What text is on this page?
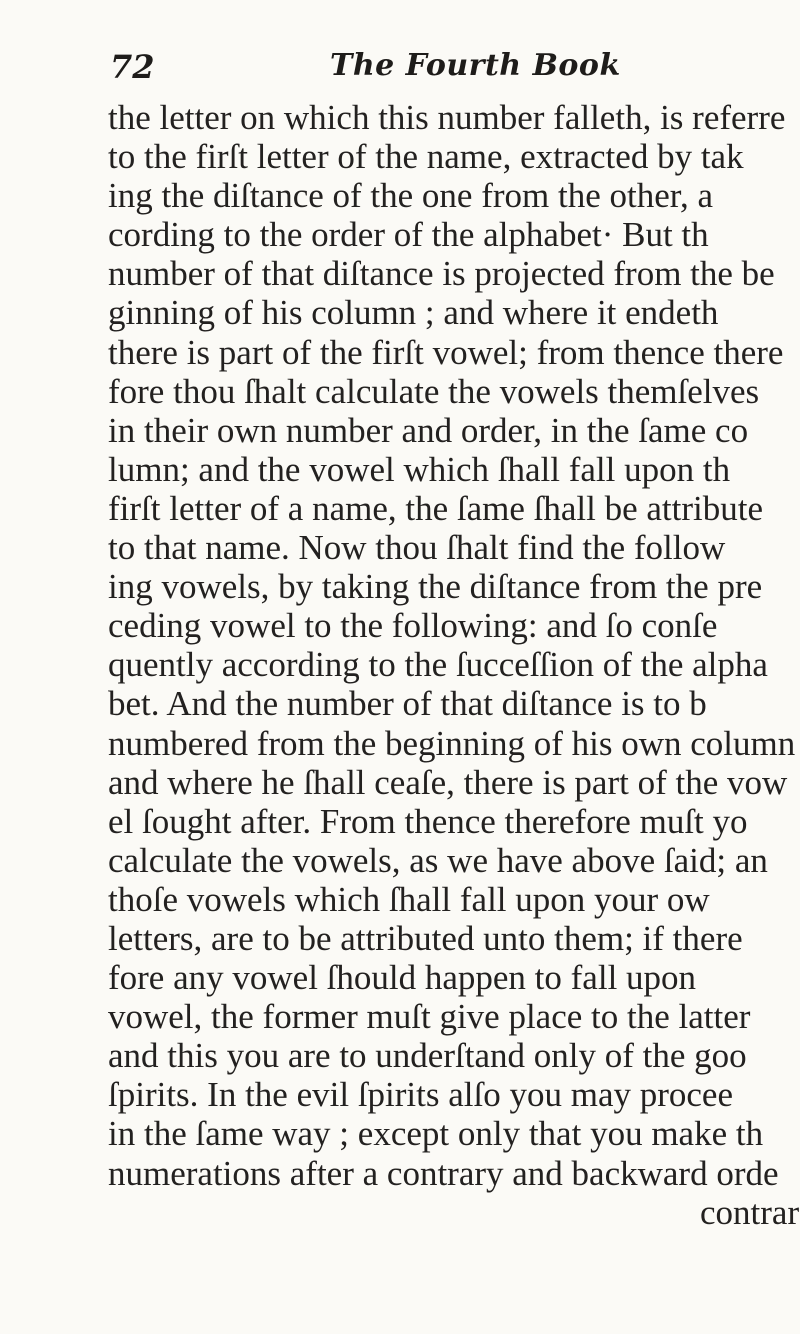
72	The Fourth Book
the letter on which this number falleth, is referre
to the firſt letter of the name, extracted by tak
ing the diſtance of the one from the other, a
cording to the order of the alphabet· But th
number of that diſtance is projected from the be
ginning of his column ; and where it endeth
there is part of the firſt vowel; from thence there
fore thou ſhalt calculate the vowels themſelves
in their own number and order, in the ſame co
lumn; and the vowel which ſhall fall upon th
firſt letter of a name, the ſame ſhall be attribute
to that name. Now thou ſhalt find the follow
ing vowels, by taking the diſtance from the pre
ceding vowel to the following: and ſo conſe
quently according to the ſucceſſion of the alpha
bet. And the number of that diſtance is to b
numbered from the beginning of his own column
and where he ſhall ceaſe, there is part of the vow
el ſought after. From thence therefore muſt yo
calculate the vowels, as we have above ſaid; an
thoſe vowels which ſhall fall upon your ow
letters, are to be attributed unto them; if there
fore any vowel ſhould happen to fall upon
vowel, the former muſt give place to the latter
and this you are to underſtand only of the goo
ſpirits. In the evil ſpirits alſo you may procee
in the ſame way ; except only that you make th
numerations after a contrary and backward orde
contrar
